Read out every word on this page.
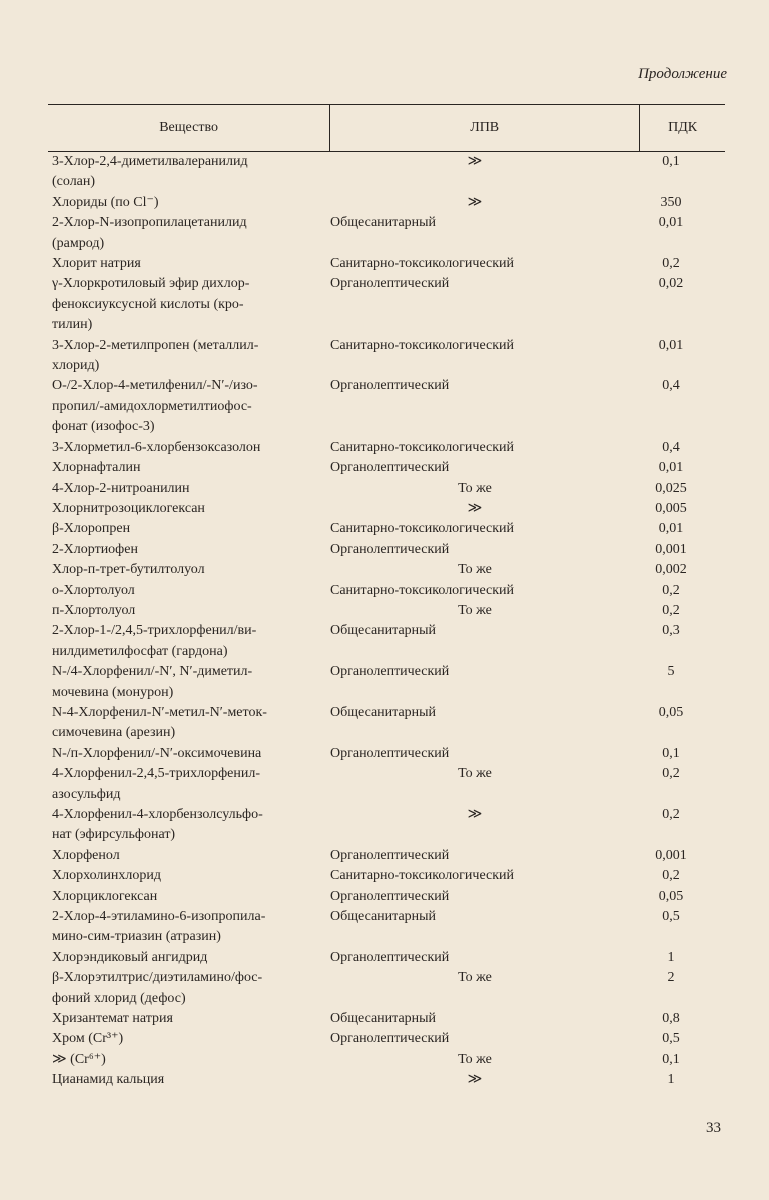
Продолжение
Вещество	ЛПВ	ПДК
3-Хлор-2,4-диметилвалеранилид
(солан)
≫	0,1
Хлориды (по Cl⁻)	≫	350
2-Хлор-N-изопропилацетанилид
(рамрод)
Общесанитарный	0,01
Хлорит натрия	Санитарно-токсикологический	0,2
γ-Хлоркротиловый эфир дихлор-
феноксиуксусной кислоты (кро-
тилин)
Органолептический	0,02
3-Хлор-2-метилпропен (металлил-
хлорид)
Санитарно-токсикологический	0,01
O-/2-Хлор-4-метилфенил/-N′-/изо-
пропил/-амидохлорметилтиофос-
фонат (изофос-3)
Органолептический	0,4
3-Хлорметил-6-хлорбензоксазолон	Санитарно-токсикологический	0,4
Хлорнафталин	Органолептический	0,01
4-Хлор-2-нитроанилин	То же	0,025
Хлорнитрозоциклогексан	≫	0,005
β-Хлоропрен	Санитарно-токсикологический	0,01
2-Хлортиофен	Органолептический	0,001
Хлор-п-трет-бутилтолуол	То же	0,002
о-Хлортолуол	Санитарно-токсикологический	0,2
п-Хлортолуол	То же	0,2
2-Хлор-1-/2,4,5-трихлорфенил/ви-
нилдиметилфосфат (гардона)
Общесанитарный	0,3
N-/4-Хлорфенил/-N′, N′-диметил-
мочевина (монурон)
Органолептический	5
N-4-Хлорфенил-N′-метил-N′-меток-
симочевина (арезин)
Общесанитарный	0,05
N-/п-Хлорфенил/-N′-оксимочевина	Органолептический	0,1
4-Хлорфенил-2,4,5-трихлорфенил-
азосульфид
То же	0,2
4-Хлорфенил-4-хлорбензолсульфо-
нат (эфирсульфонат)
≫	0,2
Хлорфенол	Органолептический	0,001
Хлорхолинхлорид	Санитарно-токсикологический	0,2
Хлорциклогексан	Органолептический	0,05
2-Хлор-4-этиламино-6-изопропила-
мино-сим-триазин (атразин)
Общесанитарный	0,5
Хлорэндиковый ангидрид	Органолептический	1
β-Хлорэтилтрис/диэтиламино/фос-
фоний хлорид (дефос)
То же	2
Хризантемат натрия	Общесанитарный	0,8
Хром (Cr³⁺)	Органолептический	0,5
≫ (Cr⁶⁺)	То же	0,1
Цианамид кальция	≫	1
33
